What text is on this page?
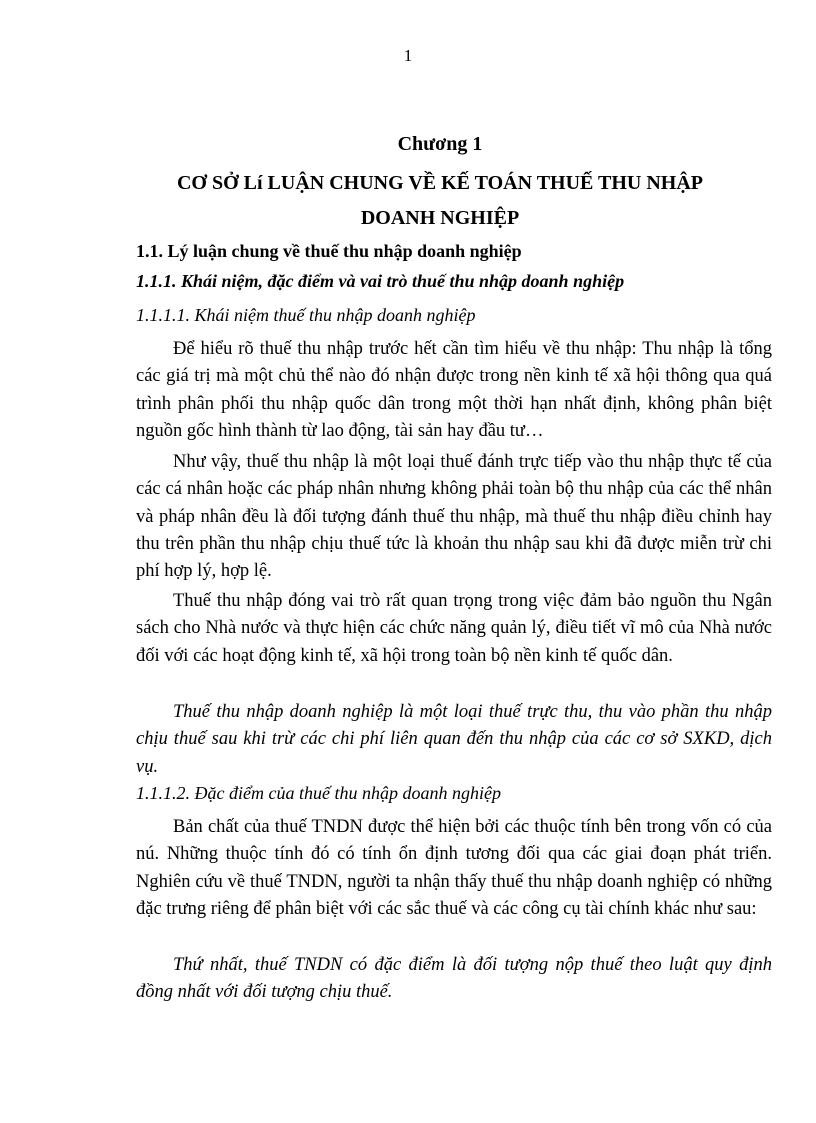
1
Chương 1
CƠ SỞ Lí LUẬN CHUNG VỀ KẾ TOÁN THUẾ THU NHẬP DOANH NGHIỆP
1.1. Lý luận chung về thuế thu nhập doanh nghiệp
1.1.1. Khái niệm, đặc điểm và vai trò thuế thu nhập doanh nghiệp
1.1.1.1. Khái niệm thuế thu nhập doanh nghiệp
Để hiểu rõ thuế thu nhập trước hết cần tìm hiểu về thu nhập: Thu nhập là tổng các giá trị mà một chủ thể nào đó nhận được trong nền kinh tế xã hội thông qua quá trình phân phối thu nhập quốc dân trong một thời hạn nhất định, không phân biệt nguồn gốc hình thành từ lao động, tài sản hay đầu tư…
Như vậy, thuế thu nhập là một loại thuế đánh trực tiếp vào thu nhập thực tế của các cá nhân hoặc các pháp nhân nhưng không phải toàn bộ thu nhập của các thể nhân và pháp nhân đều là đối tượng đánh thuế thu nhập, mà thuế thu nhập điều chỉnh hay thu trên phần thu nhập chịu thuế tức là khoản thu nhập sau khi đã được miễn trừ chi phí hợp lý, hợp lệ.
Thuế thu nhập đóng vai trò rất quan trọng trong việc đảm bảo nguồn thu Ngân sách cho Nhà nước và thực hiện các chức năng quản lý, điều tiết vĩ mô của Nhà nước đối với các hoạt động kinh tế, xã hội trong toàn bộ nền kinh tế quốc dân.
Thuế thu nhập doanh nghiệp là một loại thuế trực thu, thu vào phần thu nhập chịu thuế sau khi trừ các chi phí liên quan đến thu nhập của các cơ sở SXKD, dịch vụ.
1.1.1.2. Đặc điểm của thuế thu nhập doanh nghiệp
Bản chất của thuế TNDN được thể hiện bởi các thuộc tính bên trong vốn có của nú. Những thuộc tính đó có tính ổn định tương đối qua các giai đoạn phát triển. Nghiên cứu về thuế TNDN, người ta nhận thấy thuế thu nhập doanh nghiệp có những đặc trưng riêng để phân biệt với các sắc thuế và các công cụ tài chính khác như sau:
Thứ nhất, thuế TNDN có đặc điểm là đối tượng nộp thuế theo luật quy định đồng nhất với đối tượng chịu thuế.
